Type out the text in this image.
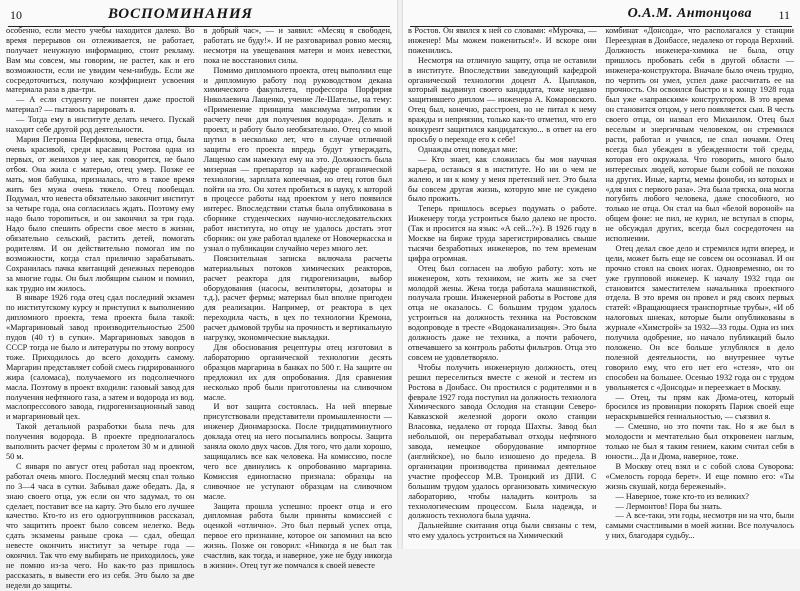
10	ВОСПОМИНАНИЯ

особенно, если место учебы находится далеко. Во время перерывов он отлеживается, не работает, получает ненужную информацию, стоит рекламу. Вам мы совсем, мы говорим, не растет, как и его возможности, если не увидим чем-нибудь. Если же сосредоточиться, получаю коэффициент усвоения материала раза в два-три.

— А если студенту не понятен даже простой материал? — пытаюсь парировать я.

— Тогда ему в институте делать нечего. Пускай находит себе другой род деятельности.

Мария Петровна Перфилова, невеста отца, была очень красивой, среди красавиц Ростова одна из первых, от женихов у нее, как говорится, не было отбоя. Она жила с матерью, отец умер. Позже ее мать, моя бабушка, призналась, что в такое время жить без мужа очень тяжело. Отец пообещал. Подумал, что невеста обязательно закончит институт за четыре года, она согласилась ждать. Поэтому ему надо было торопиться, и он закончил за три года. Надо было спешить обрести свое место в жизни, обязательно сельский, растить детей, помогать родителям. И он действительно помогал им по возможности, когда стал прилично зарабатывать. Сохранилась пачка квитанций денежных переводов за многие годы. Он был любящим сыном и помнил, как трудно им жилось.

В январе 1926 года отец сдал последний экзамен по институтскому курсу и приступил к выполнению дипломного проекта, тема проекта была такой: «Маргариновый завод производительностью 2500 пудов (40 т) в сутки». Маргариновых заводов в СССР тогда не было и литературы по этому вопросу тоже. Приходилось до всего доходить самому. Маргарин представляет собой смесь гидрированного жира (саломаса), получаемого из подсолнечного масла. Поэтому в проект входили: газовый завод для получения нефтяного газа, а затем и водорода из вод. маслопрессового завода, гидрогенизационный завод и маргариновый цех.

Такой детальной разработки была печь для получения водорода. В проекте предполагалось выполнить расчет фермы с пролетом 30 м и длиной 50 м.

С января по август отец работал над проектом, работал очень много. Последний месяц спал только по 3—4 часа в сутки. Забывал даже обедать. Да, я знаю своего отца, уж если он что задумал, то он сделает, поставит все на карту. Это было его лучшее качество. Кто-то из его одногруппников рассказал, что защитить проект было совсем нелегко. Ведь сдать экзамены раньше срока — сдал, обещал невесте окончить институт за четыре года — окончил. Так что ему выбирать не приходилось, уже не помню из-за чего. Но как-то раз пришлось рассказать, в вывести его из себя. Это было за две недели до защиты.

в добрый час», — и заявил: «Месяц я свободен, работать не буду!». И не разговаривал ровно месяц, несмотря на увещевания матери и моих невестки, пока не восстановил силы.

Помимо дипломного проекта, отец выполнил еще и дипломную работу под руководством декана химического факультета, профессора Порфирия Николаевича Лащенко, учение Ле-Шателье, на тему: «Применение принципа максимума энтропии к расчету печи для получения водорода». Делать и проект, и работу было необязательно. Отец со мной шутил в несколько лет, что в случае отличной защиты его проекта впредь будут утверждать, Лащенко сам намекнул ему на это. Должность была мизерная — препаратор на кафедре органической технологии, зарплата копеечная, но отец готов был пойти на это. Он хотел пробиться в науку, к которой в процессе работы над проектом у него появился интерес. Впоследствии статья была опубликована в сборнике студенческих научно-исследовательских работ института, но отцу не удалось достать этот сборник: он уже работал вдалеке от Новочеркасска и узнал о публикации случайно через много лет.

Пояснительная записка включала расчеты материальных потоков химических реакторов, расчет реактора для гидрогенизации, выбор оборудования (насосы, вентиляторы, дозаторы и т.д.), расчет фермы; материал был вполне пригоден для реализации. Например, от реактора в цех переходила часть, в цех по технологии Кремона, расчет дымовой трубы на прочность и вертикальную нагрузку, экономические выкладки.

Для обоснования рецептуры отец изготовил в лабораторию органической технологии десять образцов маргарина в банках по 500 г. На защите он предложил их для опробования. Для сравнения несколько проб были приготовлены на сливочном масле.

И вот защита состоялась. На ней впервые присутствовали представители промышленности — инженер Дионмарзоска. После тридцатиминутного доклада отец на него посыпались вопросы. Защита заняла около двух часов. Для того, что дали хорошо, защищались все как человека. На комиссию, после чего все двинулись к опробованию маргарина. Комиссия единогласно признала: образцы на сливочное не уступают образцам на сливочном масле.

Защита прошла успешно: проект отца и его дипломная работа были приняты комиссией с оценкой «отлично». Это был первый успех отца, первое его признание, которое он запомнил на всю жизнь. Позже он говорил: «Никогда я не был так счастлив, как тогда, и наверное, уже не буду никогда в жизни». Отец тут же помчался к своей невесте

О.А.М. Антонцова 11

в Ростов. Он явился к ней со словами: «Мурочка, — инженер! Мы можем пожениться!». И вскоре они поженились.

Несмотря на отличную защиту, отца не оставили в институте. Впоследствии заведующий кафедрой органической технологии доцент А. Цыплаков, который выдвинул своего кандидата, тоже недавно защитившего диплом — инженера А. Комаровского. Отец был, конечно, расстроен, но не питал к нему вражды и неприязни, только как-то отметил, что его конкурент защитился кандидатскую... в ответ на его просьбу о переходе его к себе!

Однажды отец поведал мне:

— Кто знает, как сложилась бы моя научная карьера, останься я в институте. Но ни о чем не жалею, и ни к кому у меня претензий нет. Это была бы совсем другая жизнь, которую мне не суждено было прожить.

Теперь пришлось всерьез подумать о работе. Инженеру тогда устроиться было далеко не просто. (Так и просится на язык: «А сей...?»). В 1926 году в Москве на бирже труда зарегистрировались свыше тысячи безработных инженеров, по тем временам цифра огромная.

Отец был согласен на любую работу: хоть не инженером, хоть техником, не жить же за счет молодой жены. Жена тогда работала машинисткой, получала гроши. Инженерной работы в Ростове для отца не оказалось. С большим трудом удалось устроиться на должность техника на Ростовском водопроводе в тресте «Водоканализация». Это была должность даже не техника, а почти рабочего, отвечавшего за контроль работы фильтров. Отца это совсем не удовлетворяло.

Чтобы получить инженерную должность, отец решил переселиться вместе с женой и тестем из Ростова в Донбасс. Он простился с родителями и в феврале 1927 года поступил на должность технолога Химического завода Ослодия на станции Северо-Кавказской железной дороги около станции Власовка, недалеко от города Шахты. Завод был небольшой, он перерабатывал отходы нефтяного завода, немецкое оборудование импортное (английское), но было изношено до предела. В организации производства принимал деятельное участие профессор М.В. Троицкий из ДПИ. С большим трудом удалось организовать химическую лабораторию, чтобы наладить контроль за технологическим процессом. Была надежда, и должность технолога была удачна.

Дальнейшие скитания отца были связаны с тем, что ему удалось устроиться на Химический

комбинат «Донсода», что располагался у станции Переездная в Донбассе, недалеко от города Верхний. Должность инженера-химика не была, отцу пришлось пробовать себя в другой области — инженера-конструктора. Вначале было очень трудно, по чертить он умел, успел даже рассчитать ее на прочность. Он освоился быстро и к концу 1928 года был уже «заправским» конструктором. В это время он становится отцом, у него появляется сын. В честь своего отца, он назвал его Михаилом. Отец был веселым и энергичным человеком, он стремился расти, работал и учился, не спал ночами. Отец всегда был убежден в убежденности той среды, которая его окружала. Что говорить, много было интересных людей, которые были собой не похожи на других. Иные, карты, мемы фоноби, из которых и «для них с первого раза». Эта была тряска, она могла погубить любого человека, даже способного, но только не отца. Он стал на был «белой вороной» на общем фоне: не пил, не курил, не вступал в споры, не обсуждал других, всегда был сосредоточен на исполнении.

Отец делал свое дело и стремился идти вперед, и цели, может быть еще не совсем он осознавал. И он прочно стоял на своих ногах. Одновременно, он то уже групповой инженер. К началу 1932 года он становится заместителем начальника проектного отдела. В это время он провел и ряд своих первых статей: «Вращающиеся транспортные трубы», «И об налоговых шнеках, которые были опубликованы в журнале «Химстрой» за 1932—33 годы. Одна из них получила одобрение, но начало публикаций было положено. Он все больше углублялся в дело полезной деятельности, но внутреннее чутье говорило ему, что его нет его «стезя», что он способен на большее. Осенью 1932 года он с трудом увольняется с «Донсоды» и переезжает в Москву.

— Отец, ты прям как Дюма-отец, который бросился из провинции покорять Париж своей еще нераскрывшейся гениальностью, — съязвил я.

— Смешно, но это почти так. Но я же был в молодости и мечтательно был откровенен наглым, только не был я таким гением, каким считал себя в юности... Да и Дюма, наверное, тоже.

В Москву отец взял и с собой слова Суворова: «Смелость города берет». И еще помню его: «Ты жизнь скушай, когда береженый».

— Наверное, тоже кто-то из великих?

— Лермонтов! Пора бы знать.

— А все-таки, эти годы, несмотря ни на что, были самыми счастливыми в моей жизни. Все получалось у них, благодаря судьбу...
